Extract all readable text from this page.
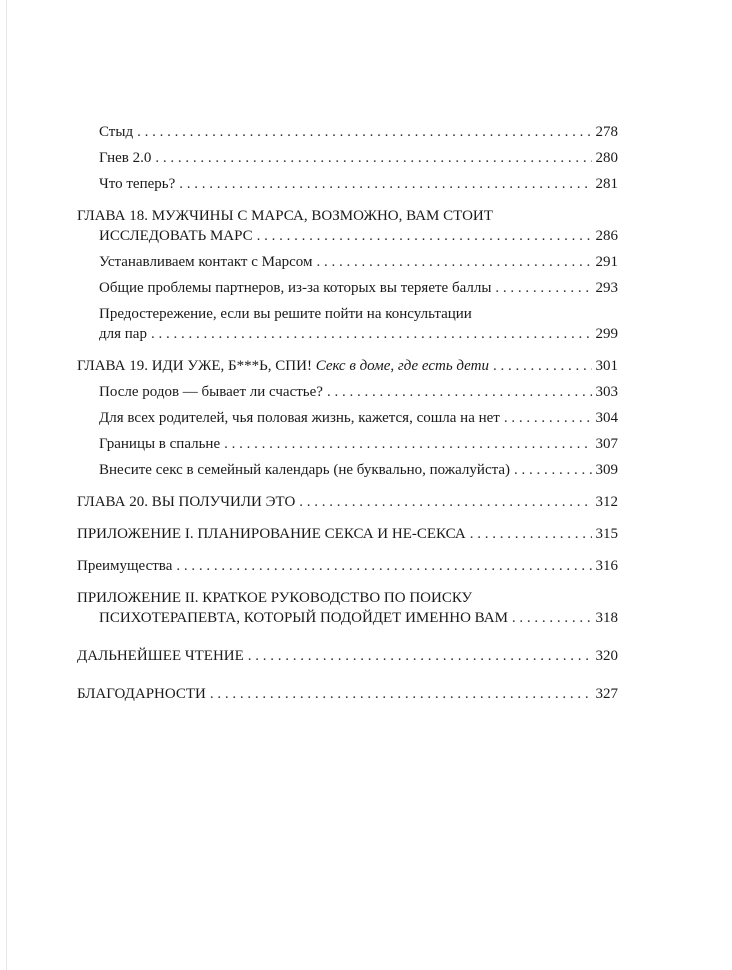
Стыд . . .	278
Гнев 2.0 . . .	280
Что теперь? . . .	281
ГЛАВА 18. МУЖЧИНЫ С МАРСА, ВОЗМОЖНО, ВАМ СТОИТ
ИССЛЕДОВАТЬ МАРС . . .	286
Устанавливаем контакт с Марсом . . .	291
Общие проблемы партнеров, из-за которых вы теряете баллы . . .	293
Предостережение, если вы решите пойти на консультации
для пар . . .	299
ГЛАВА 19. ИДИ УЖЕ, Б***Ь, СПИ! Секс в доме, где есть дети . . .	301
После родов — бывает ли счастье? . . .	303
Для всех родителей, чья половая жизнь, кажется, сошла на нет . . .	304
Границы в спальне . . .	307
Внесите секс в семейный календарь (не буквально, пожалуйста) . . .	309
ГЛАВА 20. ВЫ ПОЛУЧИЛИ ЭТО . . .	312
ПРИЛОЖЕНИЕ I. ПЛАНИРОВАНИЕ СЕКСА И НЕ-СЕКСА . . .	315
Преимущества . . .	316
ПРИЛОЖЕНИЕ II. КРАТКОЕ РУКОВОДСТВО ПО ПОИСКУ
ПСИХОТЕРАПЕВТА, КОТОРЫЙ ПОДОЙДЕТ ИМЕННО ВАМ . . .	318
ДАЛЬНЕЙШЕЕ ЧТЕНИЕ . . .	320
БЛАГОДАРНОСТИ . . .	327
